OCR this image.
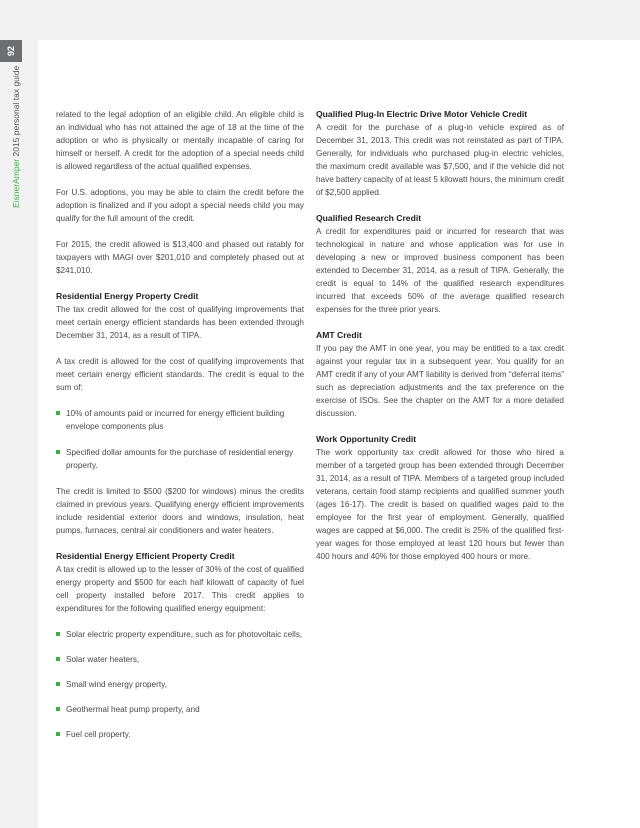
92
EisnerAmper 2015 personal tax guide	related to the legal adoption of an eligible child. An eligible child is an individual who has not attained the age of 18 at the time of the adoption or who is physically or mentally incapable of caring for himself or herself. A credit for the adoption of a special needs child is allowed regardless of the actual qualified expenses.

For U.S. adoptions, you may be able to claim the credit before the adoption is finalized and if you adopt a special needs child you may qualify for the full amount of the credit.

For 2015, the credit allowed is $13,400 and phased out ratably for taxpayers with MAGI over $201,010 and completely phased out at $241,010.

Residential Energy Property Credit

The tax credit allowed for the cost of qualifying improvements that meet certain energy efficient standards has been extended through December 31, 2014, as a result of TIPA.

A tax credit is allowed for the cost of qualifying improvements that meet certain energy efficient standards. The credit is equal to the sum of:

10% of amounts paid or incurred for energy efficient building envelope components plus
Specified dollar amounts for the purchase of residential energy property.

The credit is limited to $500 ($200 for windows) minus the credits claimed in previous years. Qualifying energy efficient improvements include residential exterior doors and windows, insulation, heat pumps, furnaces, central air conditioners and water heaters.

Residential Energy Efficient Property Credit

A tax credit is allowed up to the lesser of 30% of the cost of qualified energy property and $500 for each half kilowatt of capacity of fuel cell property installed before 2017. This credit applies to expenditures for the following qualified energy equipment:

Solar electric property expenditure, such as for photovoltaic cells,
Solar water heaters,
Small wind energy property,
Geothermal heat pump property, and
Fuel cell property.
Qualified Plug-In Electric Drive Motor Vehicle Credit

A credit for the purchase of a plug-in vehicle expired as of December 31, 2013. This credit was not reinstated as part of TIPA. Generally, for individuals who purchased plug-in electric vehicles, the maximum credit available was $7,500, and if the vehicle did not have battery capacity of at least 5 kilowatt hours, the minimum credit of $2,500 applied.

Qualified Research Credit

A credit for expenditures paid or incurred for research that was technological in nature and whose application was for use in developing a new or improved business component has been extended to December 31, 2014, as a result of TIPA. Generally, the credit is equal to 14% of the qualified research expenditures incurred that exceeds 50% of the average qualified research expenses for the three prior years.

AMT Credit

If you pay the AMT in one year, you may be entitled to a tax credit against your regular tax in a subsequent year. You qualify for an AMT credit if any of your AMT liability is derived from “deferral items” such as depreciation adjustments and the tax preference on the exercise of ISOs. See the chapter on the AMT for a more detailed discussion.

Work Opportunity Credit

The work opportunity tax credit allowed for those who hired a member of a targeted group has been extended through December 31, 2014, as a result of TIPA. Members of a targeted group included veterans, certain food stamp recipients and qualified summer youth (ages 16-17). The credit is based on qualified wages paid to the employee for the first year of employment. Generally, qualified wages are capped at $6,000. The credit is 25% of the qualified first-year wages for those employed at least 120 hours but fewer than 400 hours and 40% for those employed 400 hours or more.
